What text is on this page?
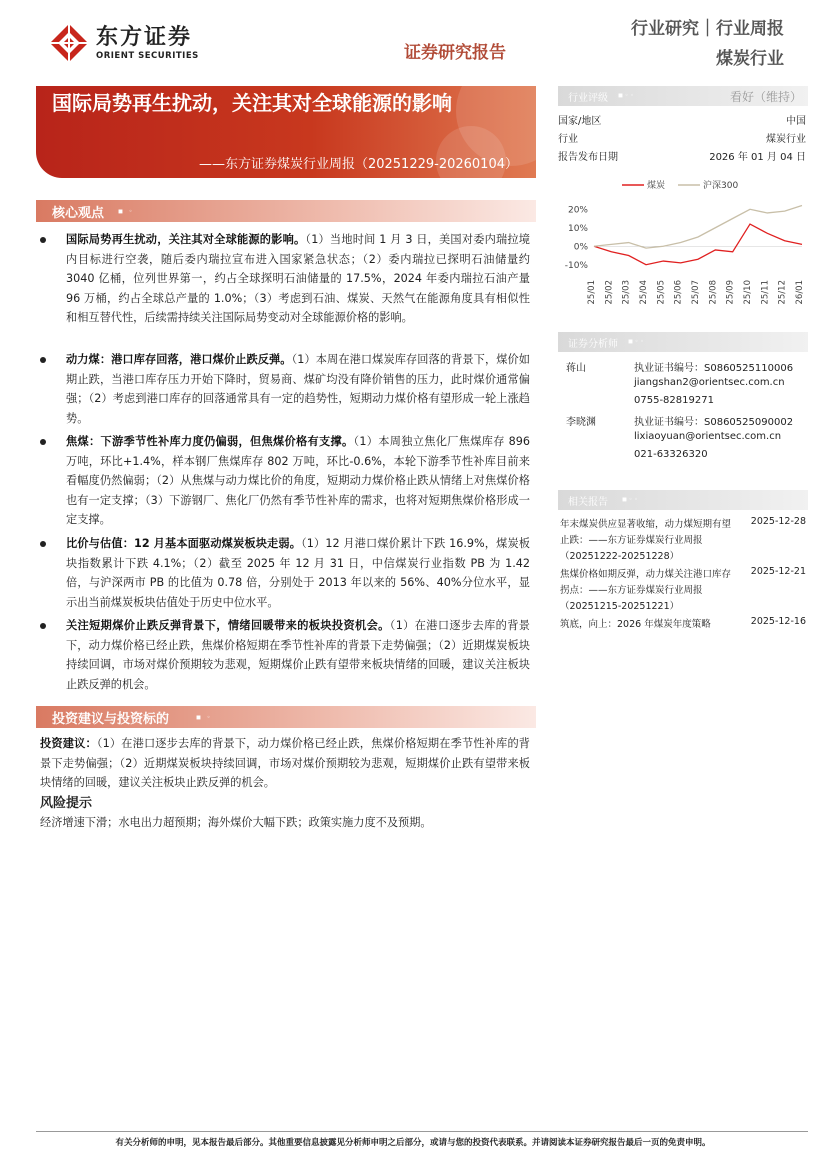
东方证券
ORIENT SECURITIES	证券研究报告
行业研究｜行业周报
煤炭行业
国际局势再生扰动，关注其对全球能源的影响
——东方证券煤炭行业周报（20251229-20260104）
行业评级 ◼ ◦ ◦	看好（维持）
国家/地区	中国
行业	煤炭行业
报告发布日期	2026 年 01 月 04 日
煤炭	沪深300
20%
10%
0%
-10%
25/01 25/02 25/03 25/04 25/05 25/06 25/07 25/08 25/09 25/10 25/11 25/12 26/01
证券分析师 ◼ ◦ ◦
蒋山	执业证书编号：S0860525110006
jiangshan2@orientsec.com.cn
0755-82819271
李晓渊	执业证书编号：S0860525090002
lixiaoyuan@orientsec.com.cn
021-63326320
相关报告 ◼ ◦ ◦
年末煤炭供应显著收缩，动力煤短期有望 2025-12-28
止跌：——东方证券煤炭行业周报
（20251222-20251228）
焦煤价格如期反弹，动力煤关注港口库存 2025-12-21
拐点：——东方证券煤炭行业周报
（20251215-20251221）
筑底，向上：2026 年煤炭年度策略	2025-12-16
核心观点 ◼ ◦
国际局势再生扰动，关注其对全球能源的影响。（1）当地时间 1 月 3 日，美国对委内瑞拉境内目标进行空袭，随后委内瑞拉宣布进入国家紧急状态；（2）委内瑞拉已探明石油储量约 3040 亿桶，位列世界第一，约占全球探明石油储量的 17.5%，2024 年委内瑞拉石油产量 96 万桶，约占全球总产量的 1.0%；（3）考虑到石油、煤炭、天然气在能源角度具有相似性和相互替代性，后续需持续关注国际局势变动对全球能源价格的影响。
动力煤：港口库存回落，港口煤价止跌反弹。（1）本周在港口煤炭库存回落的背景下，煤价如期止跌，当港口库存压力开始下降时，贸易商、煤矿均没有降价销售的压力，此时煤价通常偏强；（2）考虑到港口库存的回落通常具有一定的趋势性，短期动力煤价格有望形成一轮上涨趋势。
焦煤：下游季节性补库力度仍偏弱，但焦煤价格有支撑。（1）本周独立焦化厂焦煤库存 896 万吨，环比+1.4%，样本钢厂焦煤库存 802 万吨，环比-0.6%，本轮下游季节性补库目前来看幅度仍然偏弱；（2）从焦煤与动力煤比价的角度，短期动力煤价格止跌从情绪上对焦煤价格也有一定支撑；（3）下游钢厂、焦化厂仍然有季节性补库的需求，也将对短期焦煤价格形成一定支撑。
比价与估值：12 月基本面驱动煤炭板块走弱。（1）12 月港口煤价累计下跌 16.9%，煤炭板块指数累计下跌 4.1%；（2）截至 2025 年 12 月 31 日，中信煤炭行业指数 PB 为 1.42 倍，与沪深两市 PB 的比值为 0.78 倍，分别处于 2013 年以来的 56%、40%分位水平，显示出当前煤炭板块估值处于历史中位水平。
关注短期煤价止跌反弹背景下，情绪回暖带来的板块投资机会。（1）在港口逐步去库的背景下，动力煤价格已经止跌，焦煤价格短期在季节性补库的背景下走势偏强；（2）近期煤炭板块持续回调，市场对煤价预期较为悲观，短期煤价止跌有望带来板块情绪的回暖，建议关注板块止跌反弹的机会。
投资建议与投资标的	◼ ◦
投资建议：（1）在港口逐步去库的背景下，动力煤价格已经止跌，焦煤价格短期在季节性补库的背景下走势偏强；（2）近期煤炭板块持续回调，市场对煤价预期较为悲观，短期煤价止跌有望带来板块情绪的回暖，建议关注板块止跌反弹的机会。
风险提示
经济增速下滑；水电出力超预期；海外煤价大幅下跌；政策实施力度不及预期。
有关分析师的申明，见本报告最后部分。其他重要信息披露见分析师申明之后部分，或请与您的投资代表联系。并请阅读本证券研究报告最后一页的免责申明。
